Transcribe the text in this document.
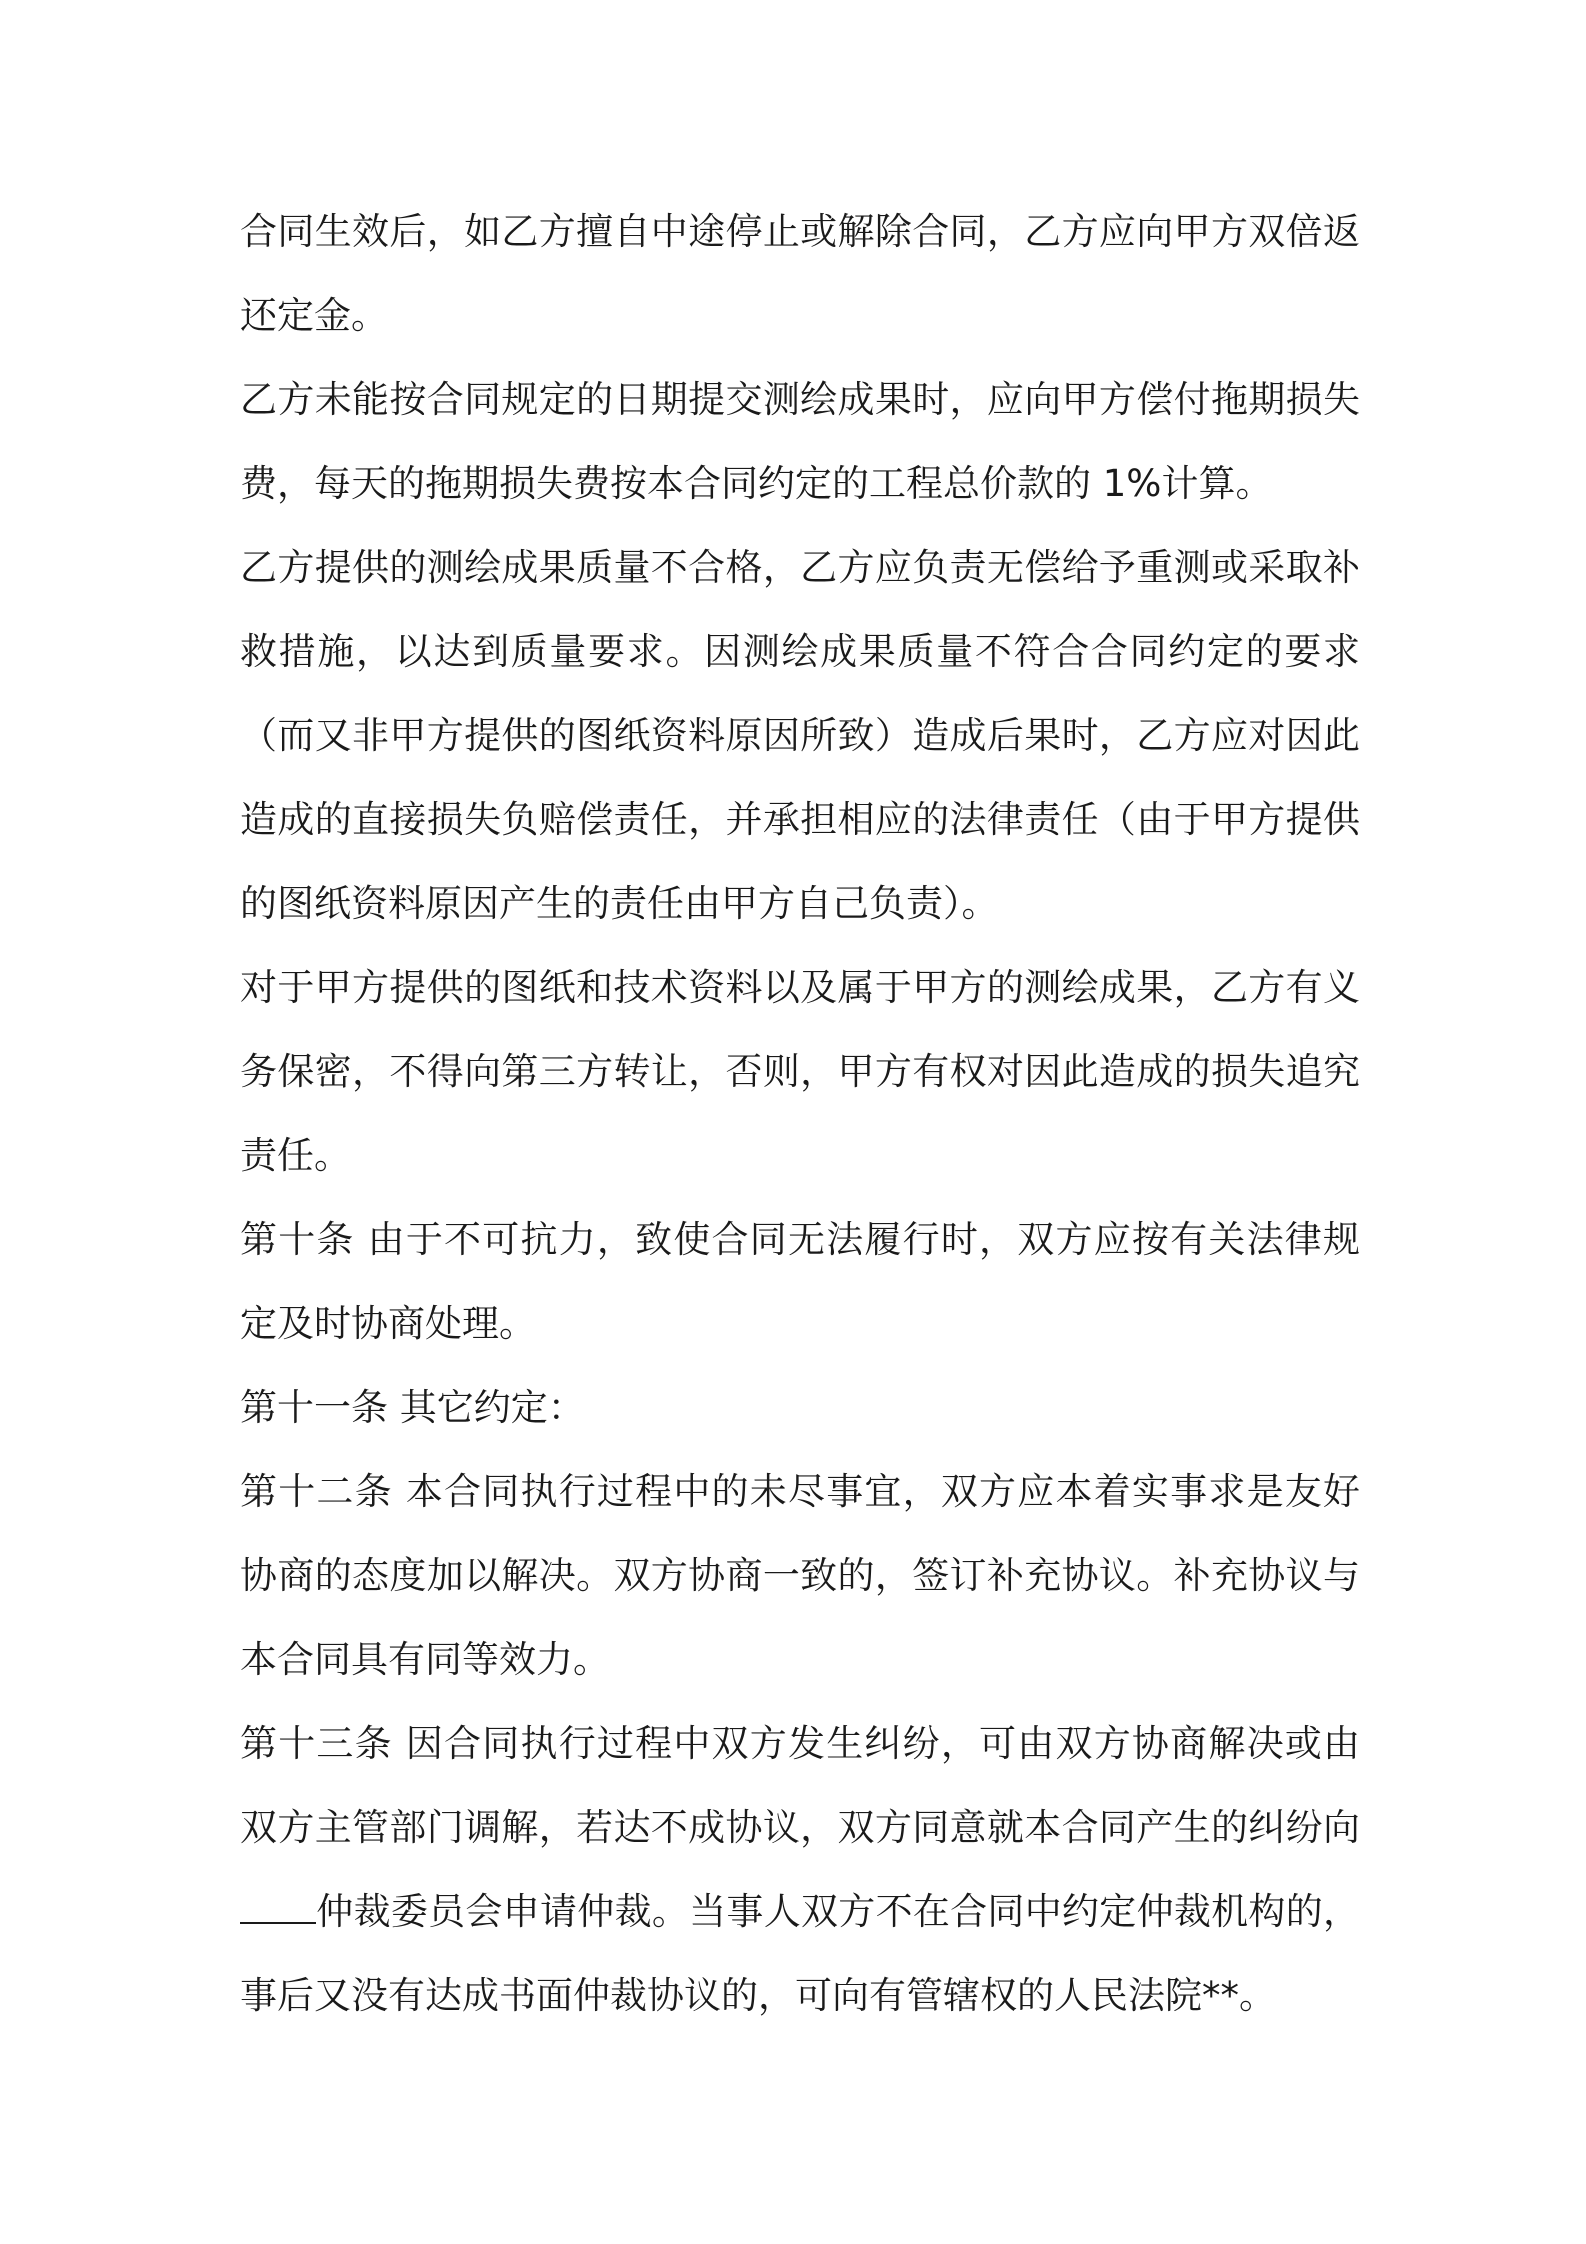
合同生效后，如乙方擅自中途停止或解除合同，乙方应向甲方双倍返还定金。

乙方未能按合同规定的日期提交测绘成果时，应向甲方偿付拖期损失费，每天的拖期损失费按本合同约定的工程总价款的 1%计算。

乙方提供的测绘成果质量不合格，乙方应负责无偿给予重测或采取补救措施，以达到质量要求。因测绘成果质量不符合合同约定的要求（而又非甲方提供的图纸资料原因所致）造成后果时，乙方应对因此造成的直接损失负赔偿责任，并承担相应的法律责任（由于甲方提供的图纸资料原因产生的责任由甲方自己负责）。

对于甲方提供的图纸和技术资料以及属于甲方的测绘成果，乙方有义务保密，不得向第三方转让，否则，甲方有权对因此造成的损失追究责任。

第十条 由于不可抗力，致使合同无法履行时，双方应按有关法律规定及时协商处理。

第十一条 其它约定：

第十二条 本合同执行过程中的未尽事宜，双方应本着实事求是友好协商的态度加以解决。双方协商一致的，签订补充协议。补充协议与本合同具有同等效力。

第十三条 因合同执行过程中双方发生纠纷，可由双方协商解决或由双方主管部门调解，若达不成协议，双方同意就本合同产生的纠纷向仲裁委员会申请仲裁。当事人双方不在合同中约定仲裁机构的，事后又没有达成书面仲裁协议的，可向有管辖权的人民法院**。
